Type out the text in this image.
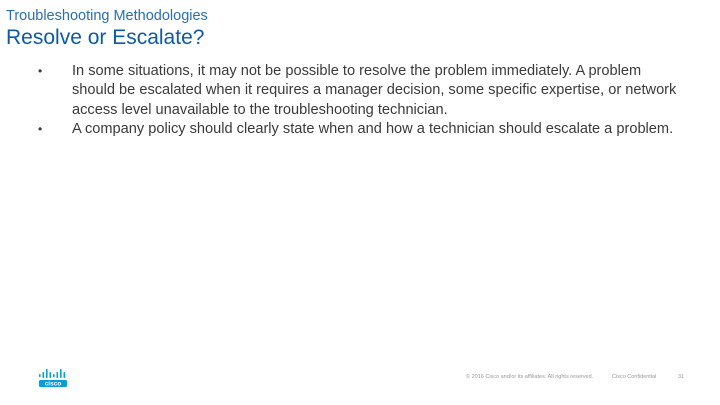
Troubleshooting Methodologies
Resolve or Escalate?
• In some situations, it may not be possible to resolve the problem immediately. A problem should be escalated when it requires a manager decision, some specific expertise, or network access level unavailable to the troubleshooting technician.
• A company policy should clearly state when and how a technician should escalate a problem.
cisco
© 2016 Cisco and/or its affiliates. All rights reserved.	Cisco Confidential	31
